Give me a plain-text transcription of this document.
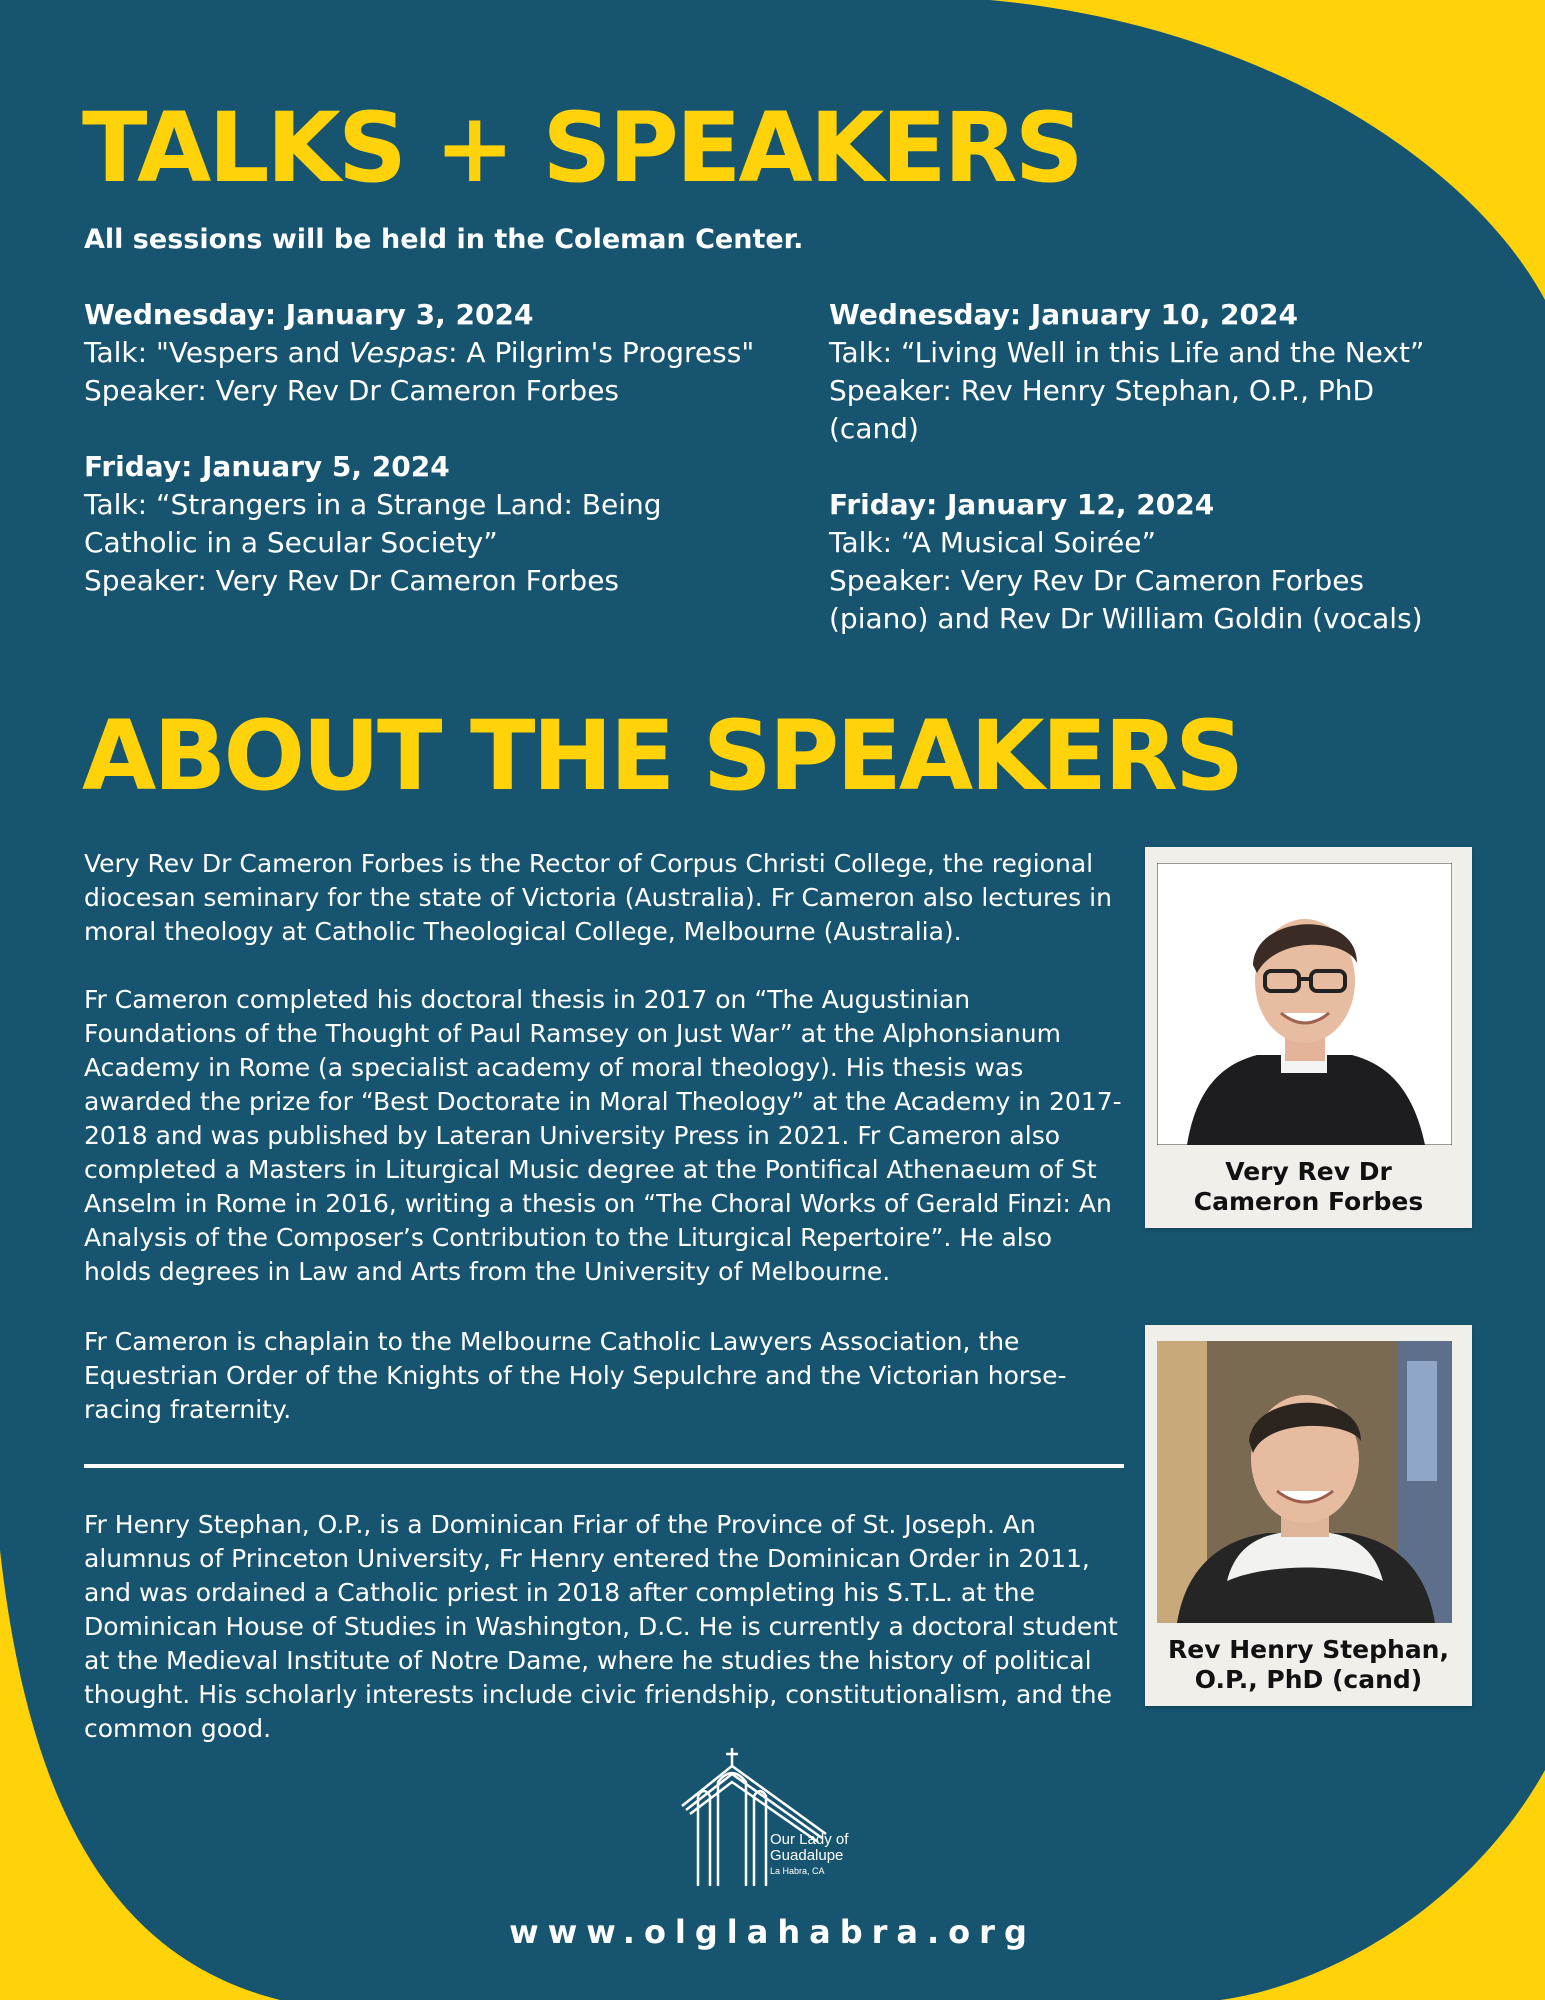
TALKS + SPEAKERS
All sessions will be held in the Coleman Center.
Wednesday: January 3, 2024
Talk: "Vespers and Vespas: A Pilgrim's Progress"
Speaker: Very Rev Dr Cameron Forbes
Friday: January 5, 2024
Talk: “Strangers in a Strange Land: Being Catholic in a Secular Society”
Speaker: Very Rev Dr Cameron Forbes
Wednesday: January 10, 2024
Talk: “Living Well in this Life and the Next”
Speaker: Rev Henry Stephan, O.P., PhD (cand)
Friday: January 12, 2024
Talk: “A Musical Soirée”
Speaker: Very Rev Dr Cameron Forbes (piano) and Rev Dr William Goldin (vocals)
ABOUT THE SPEAKERS
Very Rev Dr Cameron Forbes is the Rector of Corpus Christi College, the regional diocesan seminary for the state of Victoria (Australia). Fr Cameron also lectures in moral theology at Catholic Theological College, Melbourne (Australia).
Fr Cameron completed his doctoral thesis in 2017 on “The Augustinian Foundations of the Thought of Paul Ramsey on Just War” at the Alphonsianum Academy in Rome (a specialist academy of moral theology). His thesis was awarded the prize for “Best Doctorate in Moral Theology” at the Academy in 2017-2018 and was published by Lateran University Press in 2021. Fr Cameron also completed a Masters in Liturgical Music degree at the Pontifical Athenaeum of St Anselm in Rome in 2016, writing a thesis on “The Choral Works of Gerald Finzi: An Analysis of the Composer’s Contribution to the Liturgical Repertoire”. He also holds degrees in Law and Arts from the University of Melbourne.
Fr Cameron is chaplain to the Melbourne Catholic Lawyers Association, the Equestrian Order of the Knights of the Holy Sepulchre and the Victorian horse-racing fraternity.
Fr Henry Stephan, O.P., is a Dominican Friar of the Province of St. Joseph. An alumnus of Princeton University, Fr Henry entered the Dominican Order in 2011, and was ordained a Catholic priest in 2018 after completing his S.T.L. at the Dominican House of Studies in Washington, D.C. He is currently a doctoral student at the Medieval Institute of Notre Dame, where he studies the history of political thought. His scholarly interests include civic friendship, constitutionalism, and the common good.
Very Rev Dr
Cameron Forbes
Rev Henry Stephan,
O.P., PhD (cand)
Our Lady of
Guadalupe
La Habra, CA
www.olglahabra.org
